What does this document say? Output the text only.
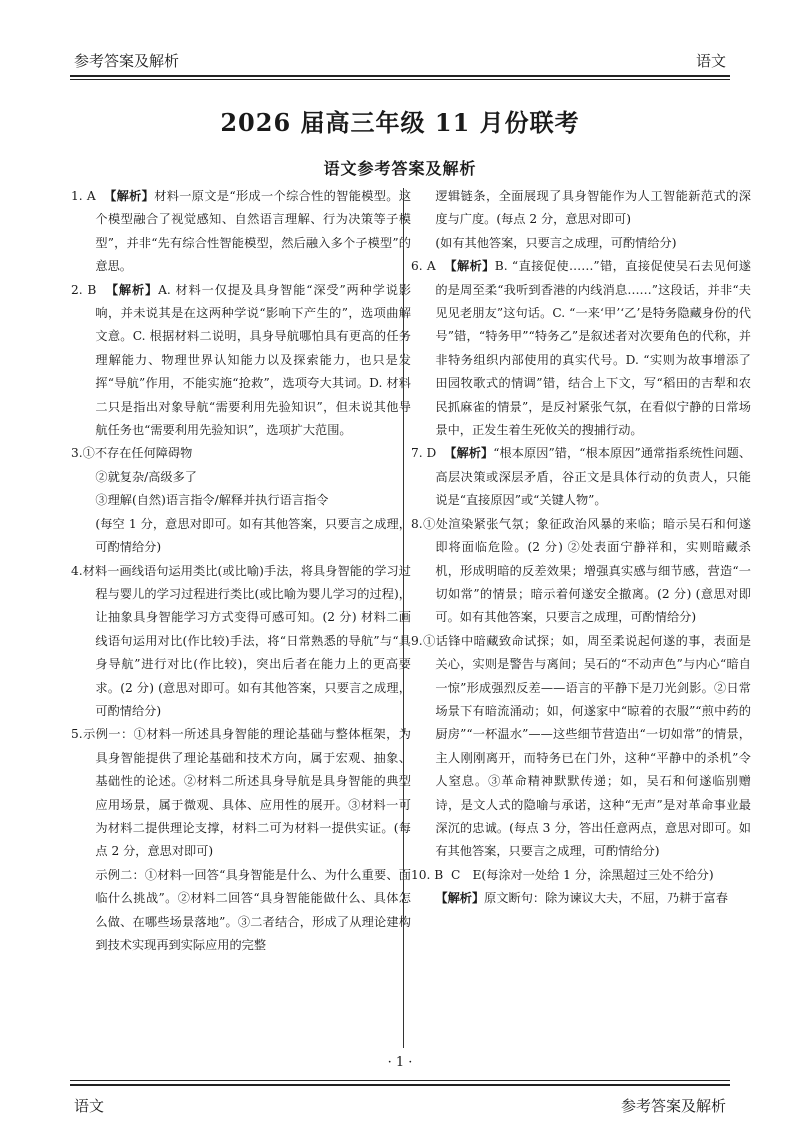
参考答案及解析	语文
2026 届高三年级 11 月份联考
语文参考答案及解析

1. A 【解析】材料一原文是“形成一个综合性的智能模型。这个模型融合了视觉感知、自然语言理解、行为决策等子模型”，并非“先有综合性智能模型，然后融入多个子模型”的意思。

2. B 【解析】A. 材料一仅提及具身智能“深受”两种学说影响，并未说其是在这两种学说“影响下产生的”，选项曲解文意。C. 根据材料二说明，具身导航哪怕具有更高的任务理解能力、物理世界认知能力以及探索能力，也只是发挥“导航”作用，不能实施“抢救”，选项夸大其词。D. 材料二只是指出对象导航“需要利用先验知识”，但未说其他导航任务也“需要利用先验知识”，选项扩大范围。

3.①不存在任何障碍物

②就复杂/高级多了

③理解(自然)语言指令/解释并执行语言指令

(每空 1 分，意思对即可。如有其他答案，只要言之成理，可酌情给分)

4.材料一画线语句运用类比(或比喻)手法，将具身智能的学习过程与婴儿的学习过程进行类比(或比喻为婴儿学习的过程)，让抽象具身智能学习方式变得可感可知。(2 分) 材料二画线语句运用对比(作比较)手法，将“日常熟悉的导航”与“具身导航”进行对比(作比较)，突出后者在能力上的更高要求。(2 分) (意思对即可。如有其他答案，只要言之成理，可酌情给分)

5.示例一：①材料一所述具身智能的理论基础与整体框架，为具身智能提供了理论基础和技术方向，属于宏观、抽象、基础性的论述。②材料二所述具身导航是具身智能的典型应用场景，属于微观、具体、应用性的展开。③材料一可为材料二提供理论支撑，材料二可为材料一提供实证。(每点 2 分，意思对即可)

示例二：①材料一回答“具身智能是什么、为什么重要、面临什么挑战”。②材料二回答“具身智能能做什么、具体怎么做、在哪些场景落地”。③二者结合，形成了从理论建构到技术实现再到实际应用的完整

逻辑链条，全面展现了具身智能作为人工智能新范式的深度与广度。(每点 2 分，意思对即可)

(如有其他答案，只要言之成理，可酌情给分)

6. A 【解析】B. “直接促使……”错，直接促使吴石去见何遂的是周至柔“我听到香港的内线消息……”这段话，并非“夫见见老朋友”这句话。C. “一来‘甲’‘乙’是特务隐藏身份的代号”错，“特务甲”“特务乙”是叙述者对次要角色的代称，并非特务组织内部使用的真实代号。D. “实则为故事增添了田园牧歌式的情调”错，结合上下文，写“稻田的吉犁和农民抓麻雀的情景”，是反衬紧张气氛，在看似宁静的日常场景中，正发生着生死攸关的搜捕行动。

7. D 【解析】“根本原因”错，“根本原因”通常指系统性问题、高层决策或深层矛盾，谷正文是具体行动的负责人，只能说是“直接原因”或“关键人物”。

8.①处渲染紧张气氛；象征政治风暴的来临；暗示吴石和何遂即将面临危险。(2 分) ②处表面宁静祥和，实则暗藏杀机，形成明暗的反差效果；增强真实感与细节感，营造“一切如常”的情景；暗示着何遂安全撤离。(2 分) (意思对即可。如有其他答案，只要言之成理，可酌情给分)

9.①话锋中暗藏致命试探；如，周至柔说起何遂的事，表面是关心，实则是警告与离间；吴石的“不动声色”与内心“暗自一惊”形成强烈反差——语言的平静下是刀光剑影。②日常场景下有暗流涌动；如，何遂家中“晾着的衣服”“煎中药的厨房”“一杯温水”——这些细节营造出“一切如常”的情景，主人刚刚离开，而特务已在门外，这种“平静中的杀机”令人窒息。③革命精神默默传递；如，吴石和何遂临别赠诗，是文人式的隐喻与承诺，这种“无声”是对革命事业最深沉的忠诚。(每点 3 分，答出任意两点，意思对即可。如有其他答案，只要言之成理，可酌情给分)

10. B C　E(每涂对一处给 1 分，涂黑超过三处不给分)

【解析】原文断句：除为谏议大夫，不屈，乃耕于富春

· 1 ·
语文	参考答案及解析
